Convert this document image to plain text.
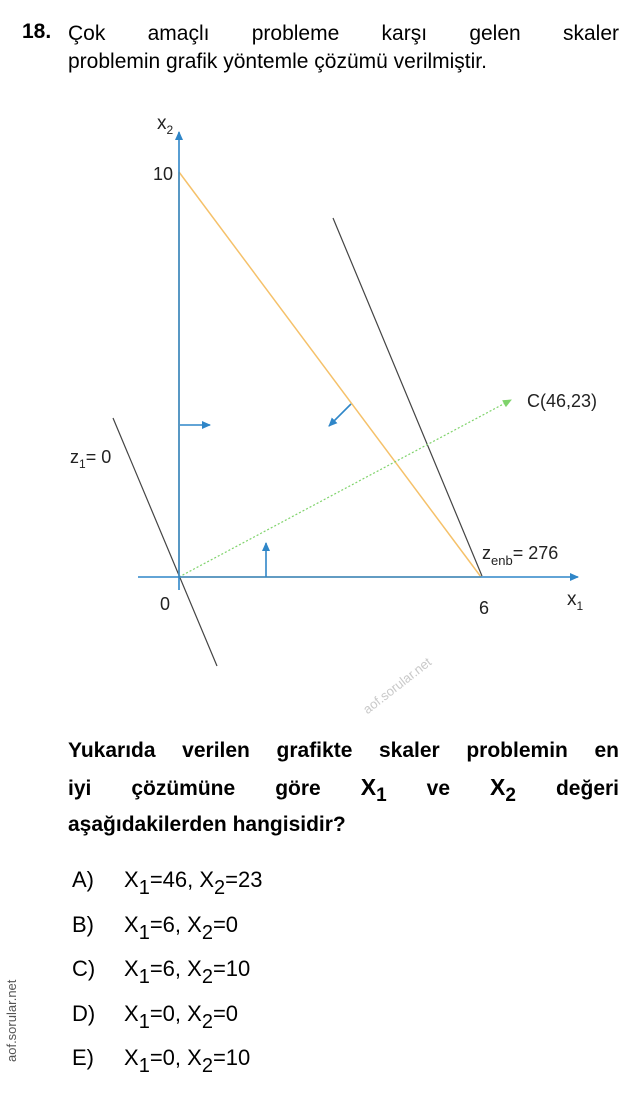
18. Çok amaçlı probleme karşı gelen skaler
problemin grafik yöntemle çözümü verilmiştir.
$x_2$
10
0	6	$x_1$
C(46,23)
$z_1= 0$
$z_{enb}= 276$
aof.sorular.net
Yukarıda verilen grafikte skaler problemin en
iyi çözümüne göre $X_1$ ve $X_2$ değeri
aşağıdakilerden hangisidir?
A) $X_1=46$, $X_2=23$
B) $X_1=6$, $X_2=0$
C) $X_1=6$, $X_2=10$
D) $X_1=0$, $X_2=0$
E) $X_1=0$, $X_2=10$
aof.sorular.net
